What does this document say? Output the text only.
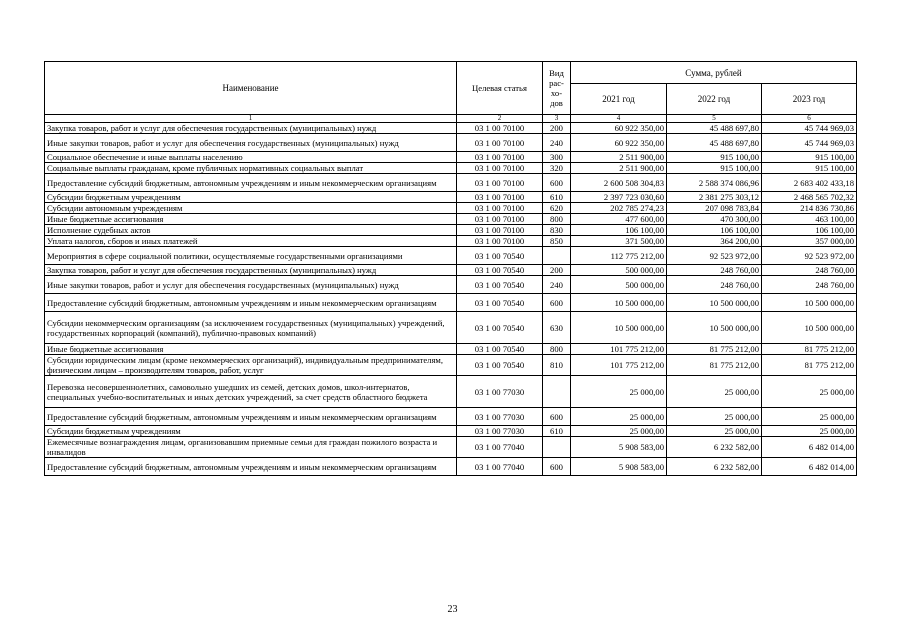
Наименование	Целевая статья	Вид рас-хо-дов	Сумма, рублей		
			2021 год	2022 год	2023 год
1	2	3	4	5	6
Закупка товаров, работ и услуг для обеспечения государственных (муниципальных) нужд	03 1 00 70100	200	60 922 350,00	45 488 697,80	45 744 969,03
Иные закупки товаров, работ и услуг для обеспечения государственных (муниципальных) нужд	03 1 00 70100	240	60 922 350,00	45 488 697,80	45 744 969,03
Социальное обеспечение и иные выплаты населению	03 1 00 70100	300	2 511 900,00	915 100,00	915 100,00
Социальные выплаты гражданам, кроме публичных нормативных социальных выплат	03 1 00 70100	320	2 511 900,00	915 100,00	915 100,00
Предоставление субсидий бюджетным, автономным учреждениям и иным некоммерческим организациям	03 1 00 70100	600	2 600 508 304,83	2 588 374 086,96	2 683 402 433,18
Субсидии бюджетным учреждениям	03 1 00 70100	610	2 397 723 030,60	2 381 275 303,12	2 468 565 702,32
Субсидии автономным учреждениям	03 1 00 70100	620	202 785 274,23	207 098 783,84	214 836 730,86
Иные бюджетные ассигнования	03 1 00 70100	800	477 600,00	470 300,00	463 100,00
Исполнение судебных актов	03 1 00 70100	830	106 100,00	106 100,00	106 100,00
Уплата налогов, сборов и иных платежей	03 1 00 70100	850	371 500,00	364 200,00	357 000,00
Мероприятия в сфере социальной политики, осуществляемые государственными организациями	03 1 00 70540		112 775 212,00	92 523 972,00	92 523 972,00
Закупка товаров, работ и услуг для обеспечения государственных (муниципальных) нужд	03 1 00 70540	200	500 000,00	248 760,00	248 760,00
Иные закупки товаров, работ и услуг для обеспечения государственных (муниципальных) нужд	03 1 00 70540	240	500 000,00	248 760,00	248 760,00
Предоставление субсидий бюджетным, автономным учреждениям и иным некоммерческим организациям	03 1 00 70540	600	10 500 000,00	10 500 000,00	10 500 000,00
Субсидии некоммерческим организациям (за исключением государственных (муниципальных) учреждений, государственных корпораций (компаний), публично-правовых компаний)	03 1 00 70540	630	10 500 000,00	10 500 000,00	10 500 000,00
Иные бюджетные ассигнования	03 1 00 70540	800	101 775 212,00	81 775 212,00	81 775 212,00
Субсидии юридическим лицам (кроме некоммерческих организаций), индивидуальным предпринимателям, физическим лицам – производителям товаров, работ, услуг	03 1 00 70540	810	101 775 212,00	81 775 212,00	81 775 212,00
Перевозка несовершеннолетних, самовольно ушедших из семей, детских домов, школ-интернатов, специальных учебно-воспитательных и иных детских учреждений, за счет средств областного бюджета	03 1 00 77030		25 000,00	25 000,00	25 000,00
Предоставление субсидий бюджетным, автономным учреждениям и иным некоммерческим организациям	03 1 00 77030	600	25 000,00	25 000,00	25 000,00
Субсидии бюджетным учреждениям	03 1 00 77030	610	25 000,00	25 000,00	25 000,00
Ежемесячные вознаграждения лицам, организовавшим приемные семьи для граждан пожилого возраста и инвалидов	03 1 00 77040		5 908 583,00	6 232 582,00	6 482 014,00
Предоставление субсидий бюджетным, автономным учреждениям и иным некоммерческим организациям	03 1 00 77040	600	5 908 583,00	6 232 582,00	6 482 014,00
23
